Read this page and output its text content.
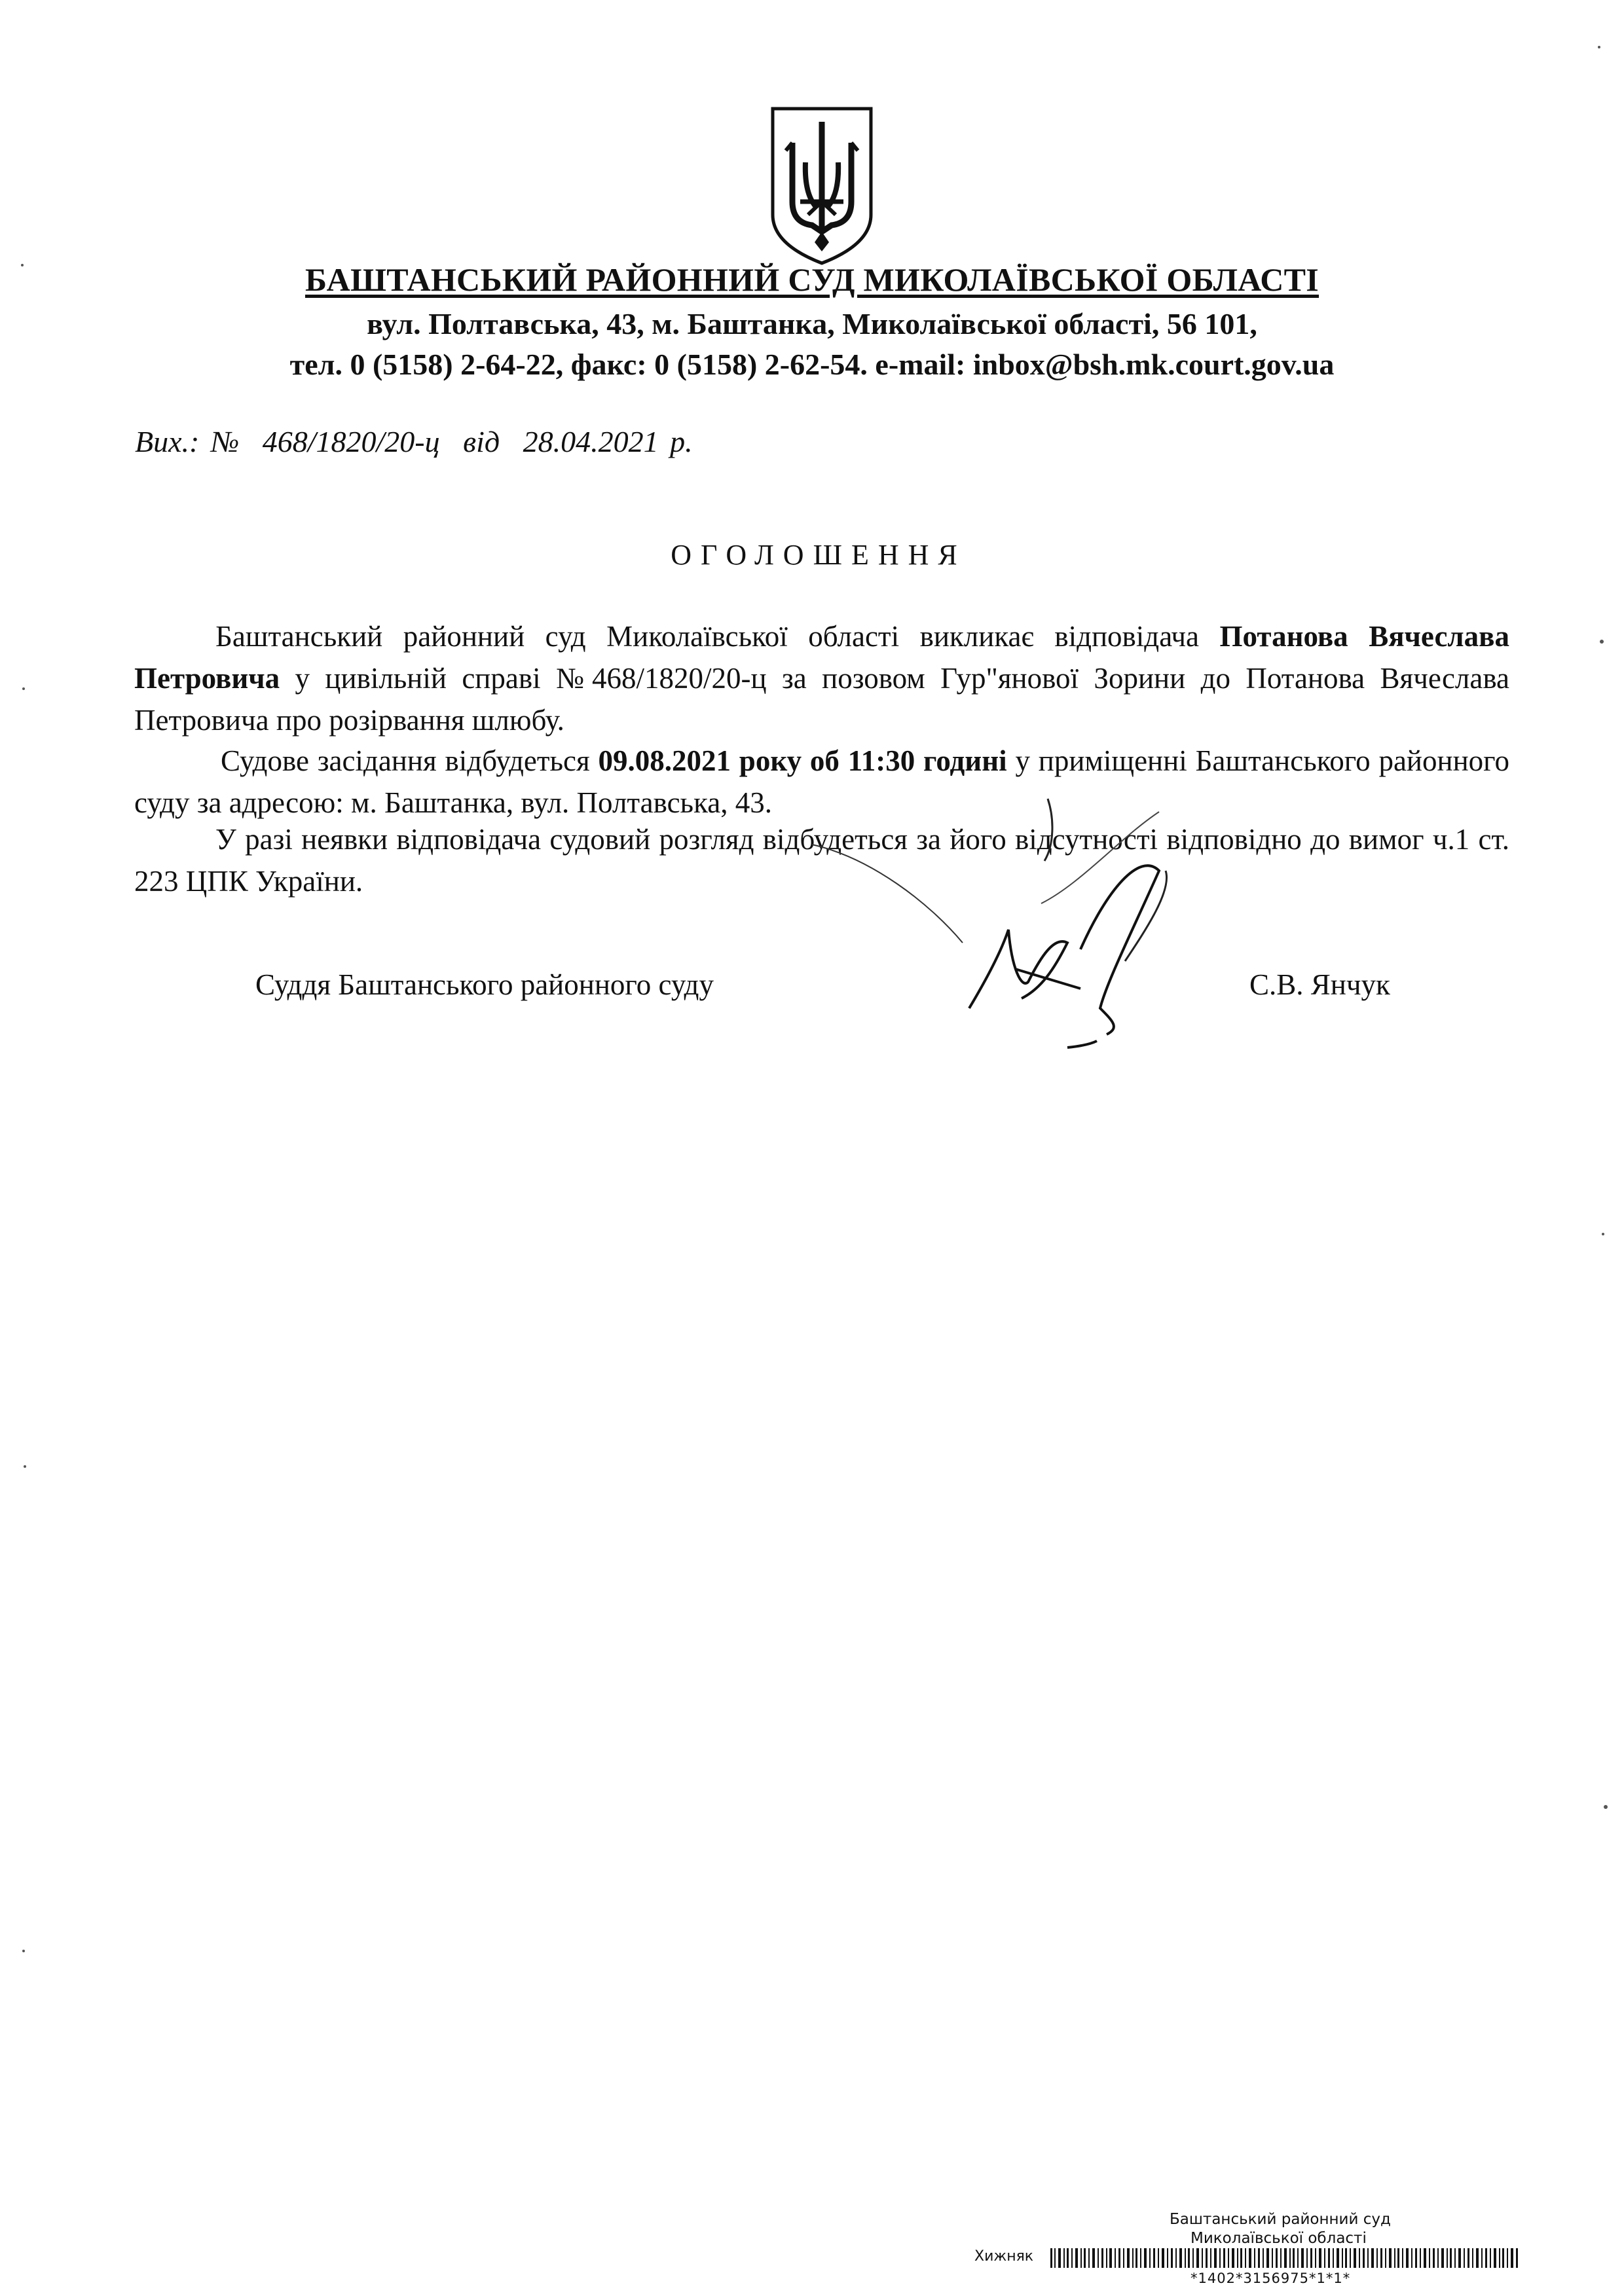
БАШТАНСЬКИЙ РАЙОННИЙ СУД МИКОЛАЇВСЬКОЇ ОБЛАСТІ
вул. Полтавська, 43, м. Баштанка, Миколаївської області, 56 101,
тел. 0 (5158) 2-64-22, факс: 0 (5158) 2-62-54. e-mail: inbox@bsh.mk.court.gov.ua
Вих.: № 468/1820/20-ц від 28.04.2021 р.
ОГОЛОШЕННЯ
Баштанський районний суд Миколаївської області викликає відповідача Потанова Вячеслава Петровича у цивільній справі №468/1820/20-ц за позовом Гур"янової Зорини до Потанова Вячеслава Петровича про розірвання шлюбу.
Судове засідання відбудеться 09.08.2021 року об 11:30 годині у приміщенні Баштанського районного суду за адресою: м. Баштанка, вул. Полтавська, 43.
У разі неявки відповідача судовий розгляд відбудеться за його відсутності відповідно до вимог ч.1 ст. 223 ЦПК України.
Суддя Баштанського районного суду	С.В. Янчук
Баштанський районний суд
Миколаївської області
Хижняк
*1402*3156975*1*1*
